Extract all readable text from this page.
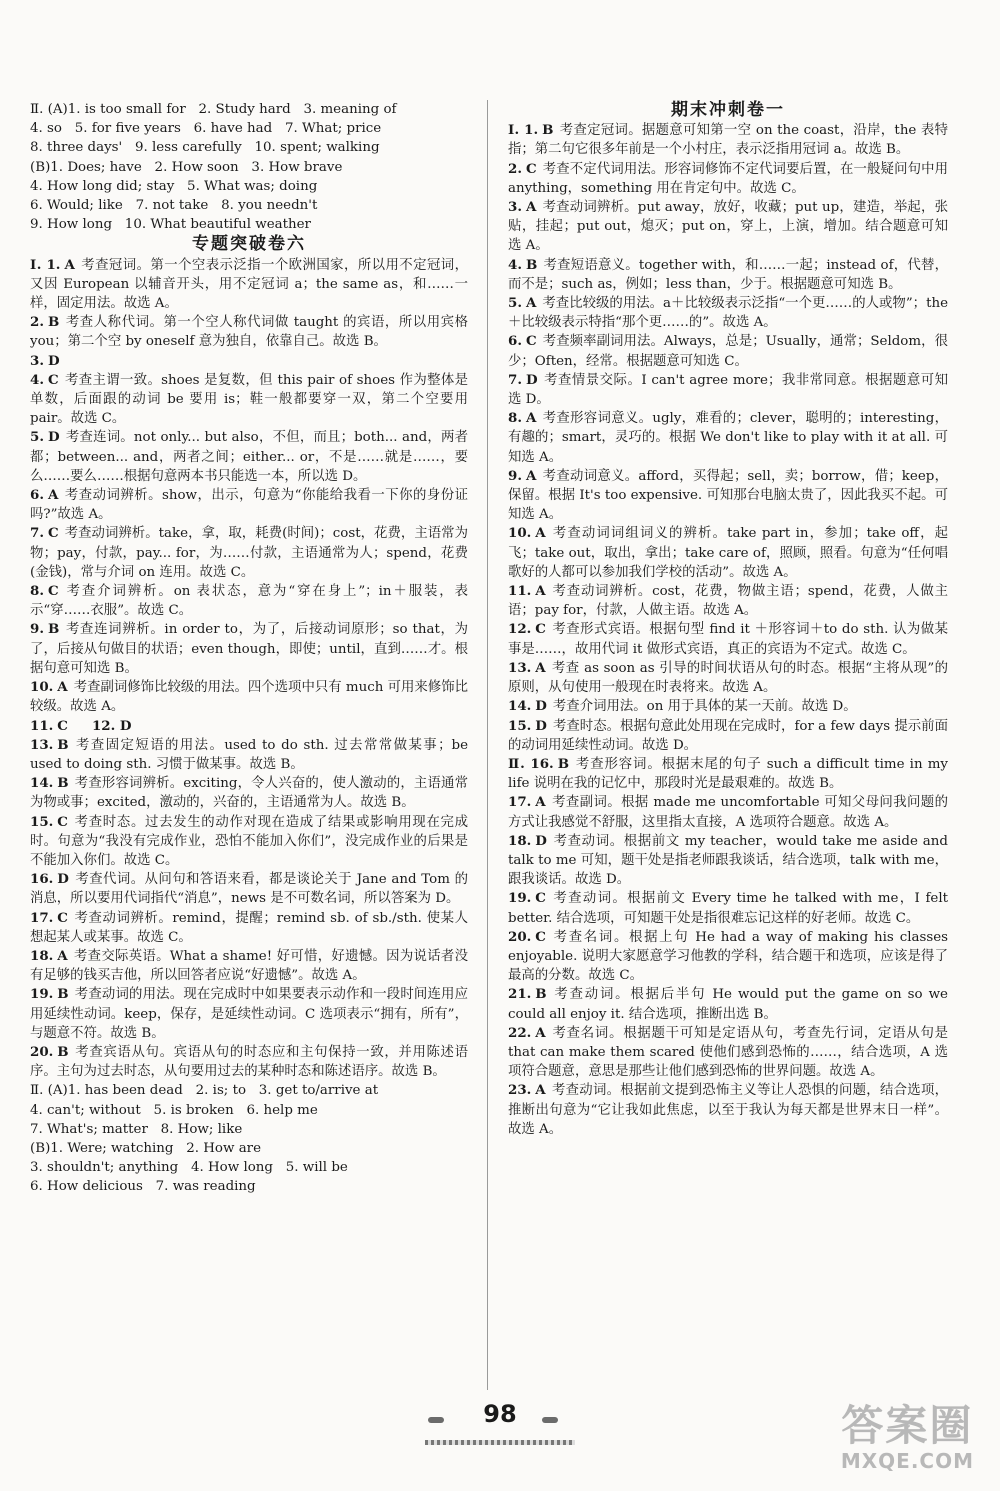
Ⅱ. (A)1. is too small for   2. Study hard   3. meaning of

4. so   5. for five years   6. have had   7. What; price

8. three days'   9. less carefully   10. spent; walking

(B)1. Does; have   2. How soon   3. How brave

4. How long did; stay   5. What was; doing

6. Would; like   7. not take   8. you needn't

9. How long   10. What beautiful weather

专题突破卷六

Ⅰ. 1. A 考查冠词。第一个空表示泛指一个欧洲国家，所以用不定冠词，又因 European 以辅音开头，用不定冠词 a；the same as，和……一样，固定用法。故选 A。

2. B 考查人称代词。第一个空人称代词做 taught 的宾语，所以用宾格 you；第二个空 by oneself 意为独自，依靠自己。故选 B。

3. D

4. C 考查主谓一致。shoes 是复数，但 this pair of shoes 作为整体是单数，后面跟的动词 be 要用 is；鞋一般都要穿一双，第二个空要用 pair。故选 C。

5. D 考查连词。not only... but also，不但，而且；both... and，两者都；between... and，两者之间；either... or，不是……就是……，要么……要么……根据句意两本书只能选一本，所以选 D。

6. A 考查动词辨析。show，出示，句意为“你能给我看一下你的身份证吗?”故选 A。

7. C 考查动词辨析。take，拿，取，耗费(时间)；cost，花费，主语常为物；pay，付款，pay... for，为……付款，主语通常为人；spend，花费(金钱)，常与介词 on 连用。故选 C。

8. C 考查介词辨析。on 表状态，意为“穿在身上”；in＋服装，表示“穿……衣服”。故选 C。

9. B 考查连词辨析。in order to，为了，后接动词原形；so that，为了，后接从句做目的状语；even though，即使；until，直到……才。根据句意可知选 B。

10. A 考查副词修饰比较级的用法。四个选项中只有 much 可用来修饰比较级。故选 A。

11. C 12. D

13. B 考查固定短语的用法。used to do sth. 过去常常做某事；be used to doing sth. 习惯于做某事。故选 B。

14. B 考查形容词辨析。exciting，令人兴奋的，使人激动的，主语通常为物或事；excited，激动的，兴奋的，主语通常为人。故选 B。

15. C 考查时态。过去发生的动作对现在造成了结果或影响用现在完成时。句意为“我没有完成作业，恐怕不能加入你们”，没完成作业的后果是不能加入你们。故选 C。

16. D 考查代词。从问句和答语来看，都是谈论关于 Jane and Tom 的消息，所以要用代词指代“消息”，news 是不可数名词，所以答案为 D。

17. C 考查动词辨析。remind，提醒；remind sb. of sb./sth. 使某人想起某人或某事。故选 C。

18. A 考查交际英语。What a shame! 好可惜，好遗憾。因为说话者没有足够的钱买吉他，所以回答者应说“好遗憾”。故选 A。

19. B 考查动词的用法。现在完成时中如果要表示动作和一段时间连用应用延续性动词。keep，保存，是延续性动词。C 选项表示“拥有，所有”，与题意不符。故选 B。

20. B 考查宾语从句。宾语从句的时态应和主句保持一致，并用陈述语序。主句为过去时态，从句要用过去的某种时态和陈述语序。故选 B。

Ⅱ. (A)1. has been dead   2. is; to   3. get to/arrive at

4. can't; without   5. is broken   6. help me

7. What's; matter   8. How; like

(B)1. Were; watching   2. How are

3. shouldn't; anything   4. How long   5. will be

6. How delicious   7. was reading

期末冲刺卷一

Ⅰ. 1. B 考查定冠词。据题意可知第一空 on the coast，沿岸，the 表特指；第二句它很多年前是一个小村庄，表示泛指用冠词 a。故选 B。

2. C 考查不定代词用法。形容词修饰不定代词要后置，在一般疑问句中用 anything，something 用在肯定句中。故选 C。

3. A 考查动词辨析。put away，放好，收藏；put up，建造，举起，张贴，挂起；put out，熄灭；put on，穿上，上演，增加。结合题意可知选 A。

4. B 考查短语意义。together with，和……一起；instead of，代替，而不是；such as，例如；less than，少于。根据题意可知选 B。

5. A 考查比较级的用法。a＋比较级表示泛指“一个更……的人或物”；the ＋比较级表示特指“那个更……的”。故选 A。

6. C 考查频率副词用法。Always，总是；Usually，通常；Seldom，很少；Often，经常。根据题意可知选 C。

7. D 考查情景交际。I can't agree more；我非常同意。根据题意可知选 D。

8. A 考查形容词意义。ugly，难看的；clever，聪明的；interesting，有趣的；smart，灵巧的。根据 We don't like to play with it at all. 可知选 A。

9. A 考查动词意义。afford，买得起；sell，卖；borrow，借；keep，保留。根据 It's too expensive. 可知那台电脑太贵了，因此我买不起。可知选 A。

10. A 考查动词词组词义的辨析。take part in，参加；take off，起飞；take out，取出，拿出；take care of，照顾，照看。句意为“任何唱歌好的人都可以参加我们学校的活动”。故选 A。

11. A 考查动词辨析。cost，花费，物做主语；spend，花费，人做主语；pay for，付款，人做主语。故选 A。

12. C 考查形式宾语。根据句型 find it ＋形容词＋to do sth. 认为做某事是……，故用代词 it 做形式宾语，真正的宾语为不定式。故选 C。

13. A 考查 as soon as 引导的时间状语从句的时态。根据“主将从现”的原则，从句使用一般现在时表将来。故选 A。

14. D 考查介词用法。on 用于具体的某一天前。故选 D。

15. D 考查时态。根据句意此处用现在完成时，for a few days 提示前面的动词用延续性动词。故选 D。

Ⅱ. 16. B 考查形容词。根据末尾的句子 such a difficult time in my life 说明在我的记忆中，那段时光是最艰难的。故选 B。

17. A 考查副词。根据 made me uncomfortable 可知父母问我问题的方式让我感觉不舒服，这里指太直接，A 选项符合题意。故选 A。

18. D 考查动词。根据前文 my teacher，would take me aside and talk to me 可知，题干处是指老师跟我谈话，结合选项，talk with me，跟我谈话。故选 D。

19. C 考查动词。根据前文 Every time he talked with me，I felt better. 结合选项，可知题干处是指很难忘记这样的好老师。故选 C。

20. C 考查名词。根据上句 He had a way of making his classes enjoyable. 说明大家愿意学习他教的学科，结合题干和选项，应该是得了最高的分数。故选 C。

21. B 考查动词。根据后半句 He would put the game on so we could all enjoy it. 结合选项，推断出选 B。

22. A 考查名词。根据题干可知是定语从句，考查先行词，定语从句是 that can make them scared 使他们感到恐怖的……，结合选项，A 选项符合题意，意思是那些让他们感到恐怖的世界问题。故选 A。

23. A 考查动词。根据前文提到恐怖主义等让人恐惧的问题，结合选项，推断出句意为“它让我如此焦虑，以至于我认为每天都是世界末日一样”。故选 A。

98	答案圈
MXQE.COM
